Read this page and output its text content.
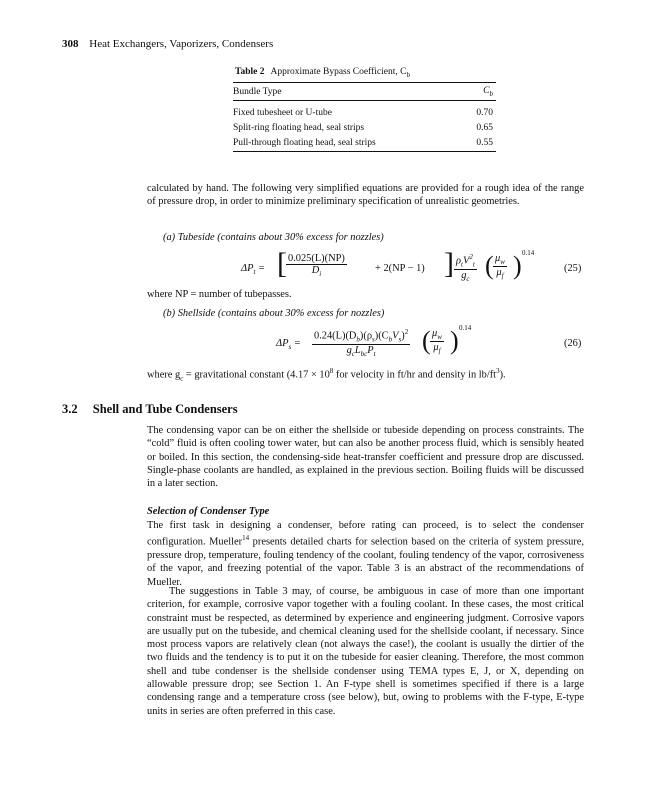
308 Heat Exchangers, Vaporizers, Condensers
Table 2 Approximate Bypass Coefficient, $C_b$
Bundle Type	$C_b$
Fixed tubesheet or U-tube	0.70
Split-ring floating head, seal strips	0.65
Pull-through floating head, seal strips	0.55
calculated by hand. The following very simplified equations are provided for a rough idea of the range of pressure drop, in order to minimize preliminary specification of unrealistic geometries.
(a) Tubeside (contains about 30% excess for nozzles)
$\Delta P_t$ = [ $\frac{0.025(L)(NP)}{D_i}$	+ 2(NP − 1) ] $\rho_tV^2_t$
$g_c$ ( $\frac{\mu_w}{\mu_f}$ ) 0.14
(25)
where NP = number of tubepasses.
(b) Shellside (contains about 30% excess for nozzles)
$\Delta P_s$ =
$0.24(L)(D_b)(\rho_s)(C_bV_s)^2$
$g_cL_{bc}P_t$	( $\frac{\mu_w}{\mu_f}$ ) 0.14
(26)
where $g_c$ = gravitational constant ($4.17 \times 10^8$ for velocity in ft/hr and density in $lb/ft^3$).
3.2 Shell and Tube Condensers
The condensing vapor can be on either the shellside or tubeside depending on process constraints. The “cold” fluid is often cooling tower water, but can also be another process fluid, which is sensibly heated or boiled. In this section, the condensing-side heat-transfer coefficient and pressure drop are discussed. Single-phase coolants are handled, as explained in the previous section. Boiling fluids will be discussed in a later section.
Selection of Condenser Type
The first task in designing a condenser, before rating can proceed, is to select the condenser configuration. Mueller$^{14}$ presents detailed charts for selection based on the criteria of system pressure, pressure drop, temperature, fouling tendency of the coolant, fouling tendency of the vapor, corrosiveness of the vapor, and freezing potential of the vapor. Table 3 is an abstract of the recommendations of Mueller.
The suggestions in Table 3 may, of course, be ambiguous in case of more than one important criterion, for example, corrosive vapor together with a fouling coolant. In these cases, the most critical constraint must be respected, as determined by experience and engineering judgment. Corrosive vapors are usually put on the tubeside, and chemical cleaning used for the shellside coolant, if necessary. Since most process vapors are relatively clean (not always the case!), the coolant is usually the dirtier of the two fluids and the tendency is to put it on the tubeside for easier cleaning. Therefore, the most common shell and tube condenser is the shellside condenser using TEMA types E, J, or X, depending on allowable pressure drop; see Section 1. An F-type shell is sometimes specified if there is a large condensing range and a temperature cross (see below), but, owing to problems with the F-type, E-type units in series are often preferred in this case.
